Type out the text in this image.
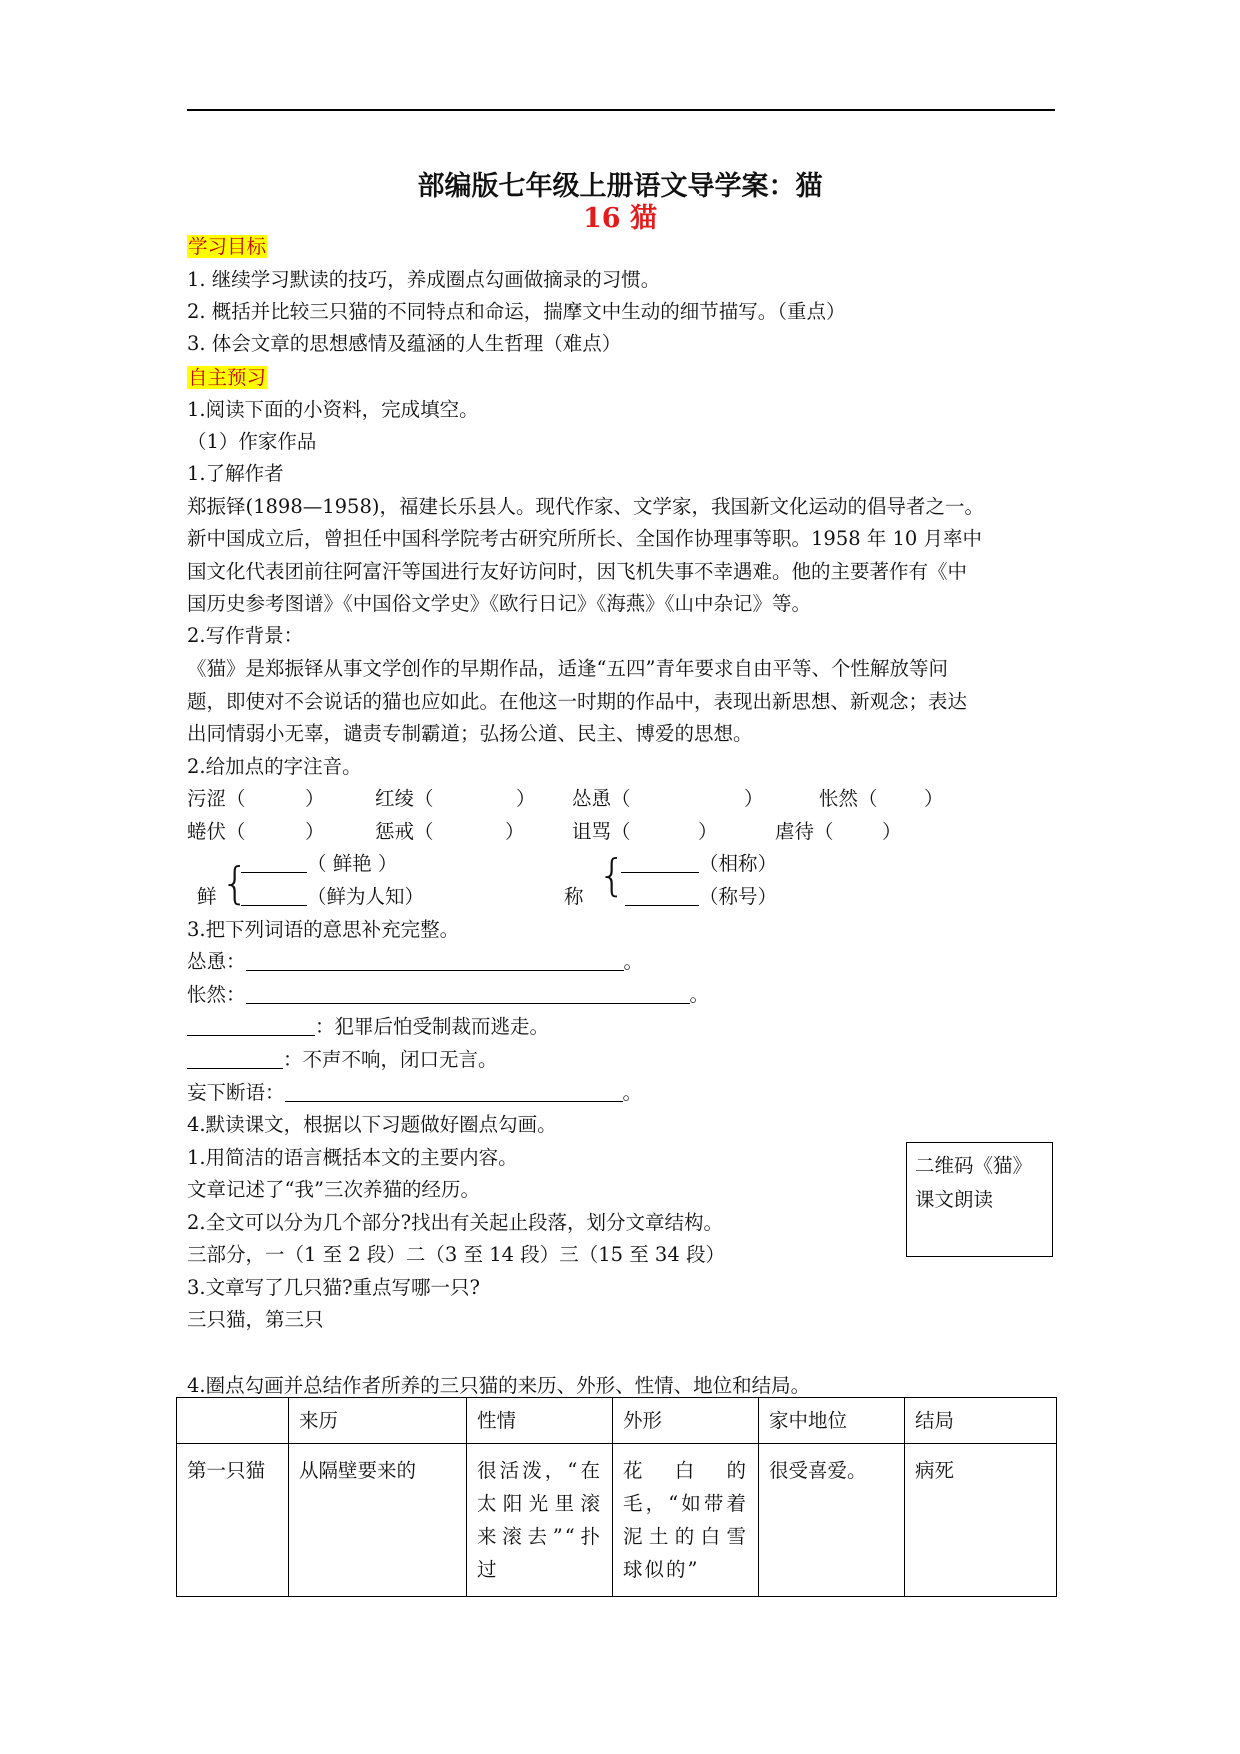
部编版七年级上册语文导学案：猫
16 猫
学习目标
1. 继续学习默读的技巧，养成圈点勾画做摘录的习惯。
2. 概括并比较三只猫的不同特点和命运，揣摩文中生动的细节描写。（重点）
3. 体会文章的思想感情及蕴涵的人生哲理（难点）
自主预习
1.阅读下面的小资料，完成填空。
（1）作家作品
1.了解作者
郑振铎(1898—1958)，福建长乐县人。现代作家、文学家，我国新文化运动的倡导者之一。
新中国成立后，曾担任中国科学院考古研究所所长、全国作协理事等职。1958 年 10 月率中
国文化代表团前往阿富汗等国进行友好访问时，因飞机失事不幸遇难。他的主要著作有《中
国历史参考图谱》《中国俗文学史》《欧行日记》《海燕》《山中杂记》等。
2.写作背景：
《猫》是郑振铎从事文学创作的早期作品，适逢“五四”青年要求自由平等、个性解放等问
题，即使对不会说话的猫也应如此。在他这一时期的作品中，表现出新思想、新观念；表达
出同情弱小无辜，谴责专制霸道；弘扬公道、民主、博爱的思想。
2.给加点的字注音。
污涩（	）	红绫（	） 怂恿（	）	怅然（ ）
蜷伏（	）	惩戒（	） 诅骂（	）	虐待（ ）
（ 鲜艳 ）
鲜 {	（鲜为人知）
（相称）
称 {	（称号）
3.把下列词语的意思补充完整。
怂恿：	。
怅然：	。
：犯罪后怕受制裁而逃走。
：不声不响，闭口无言。
妄下断语：	。
4.默读课文，根据以下习题做好圈点勾画。
1.用简洁的语言概括本文的主要内容。
文章记述了“我”三次养猫的经历。
2.全文可以分为几个部分?找出有关起止段落，划分文章结构。
三部分，一（1 至 2 段）二（3 至 14 段）三（15 至 34 段）
3.文章写了几只猫?重点写哪一只?
三只猫，第三只
二维码《猫》
课文朗读
4.圈点勾画并总结作者所养的三只猫的来历、外形、性情、地位和结局。
	来历	性情	外形	家中地位	结局
第一只猫	从隔壁要来的	很活泼，“在太阳光里滚来滚去”“扑过	花白的毛，“如带着泥土的白雪球似的”	很受喜爱。	病死
